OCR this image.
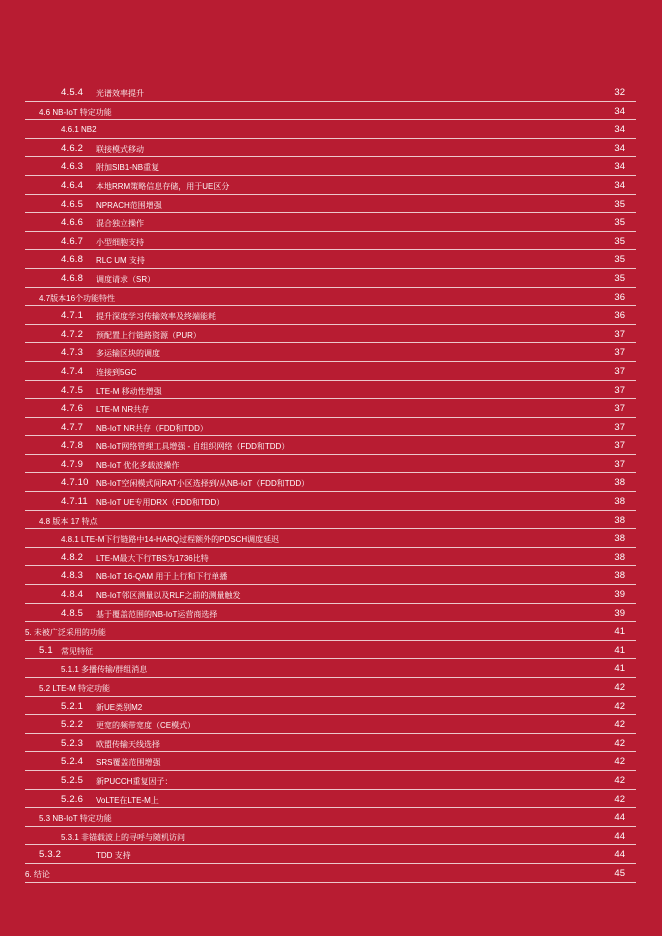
4.5.4 光谱效率提升	32
4.6 NB-IoT 特定功能	34
4.6.1 NB2	34
4.6.2 联接模式移动	34
4.6.3 附加SIB1-NB重复	34
4.6.4 本地RRM策略信息存储，用于UE区分	34
4.6.5 NPRACH范围增强	35
4.6.6 混合独立操作	35
4.6.7 小型细胞支持	35
4.6.8 RLC UM 支持	35
4.6.8 调度请求（SR）	35
4.7版本16个功能特性	36
4.7.1 提升深度学习传输效率及终端能耗	36
4.7.2 预配置上行链路资源（PUR）	37
4.7.3 多运输区块的调度	37
4.7.4 连接到5GC	37
4.7.5 LTE-M 移动性增强	37
4.7.6 LTE-M NR共存	37
4.7.7 NB-IoT NR共存（FDD和TDD）	37
4.7.8 NB-IoT网络管理工具增强 - 自组织网络（FDD和TDD）	37
4.7.9 NB-IoT 优化多载波操作	37
4.7.10 NB-IoT空闲模式间RAT小区选择到/从NB-IoT（FDD和TDD）	38
4.7.11 NB-IoT UE专用DRX（FDD和TDD）	38
4.8 版本 17 特点	38
4.8.1 LTE-M下行链路中14-HARQ过程额外的PDSCH调度延迟	38
4.8.2 LTE-M最大下行TBS为1736比特	38
4.8.3 NB-IoT 16-QAM 用于上行和下行单播	38
4.8.4 NB-IoT邻区测量以及RLF之前的测量触发	39
4.8.5 基于覆盖范围的NB-IoT运营商选择	39
5. 未被广泛采用的功能	41
5.1 常见特征	41
5.1.1 多播传输/群组消息	41
5.2 LTE-M 特定功能	42
5.2.1 新UE类别M2	42
5.2.2 更宽的频带宽度（CE模式）	42
5.2.3 欧盟传输天线选择	42
5.2.4 SRS覆盖范围增强	42
5.2.5 新PUCCH重复因子：	42
5.2.6 VoLTE在LTE-M上	42
5.3 NB-IoT 特定功能	44
5.3.1 非锚载波上的寻呼与随机访问	44
5.3.2	TDD 支持	44
6. 结论	45
